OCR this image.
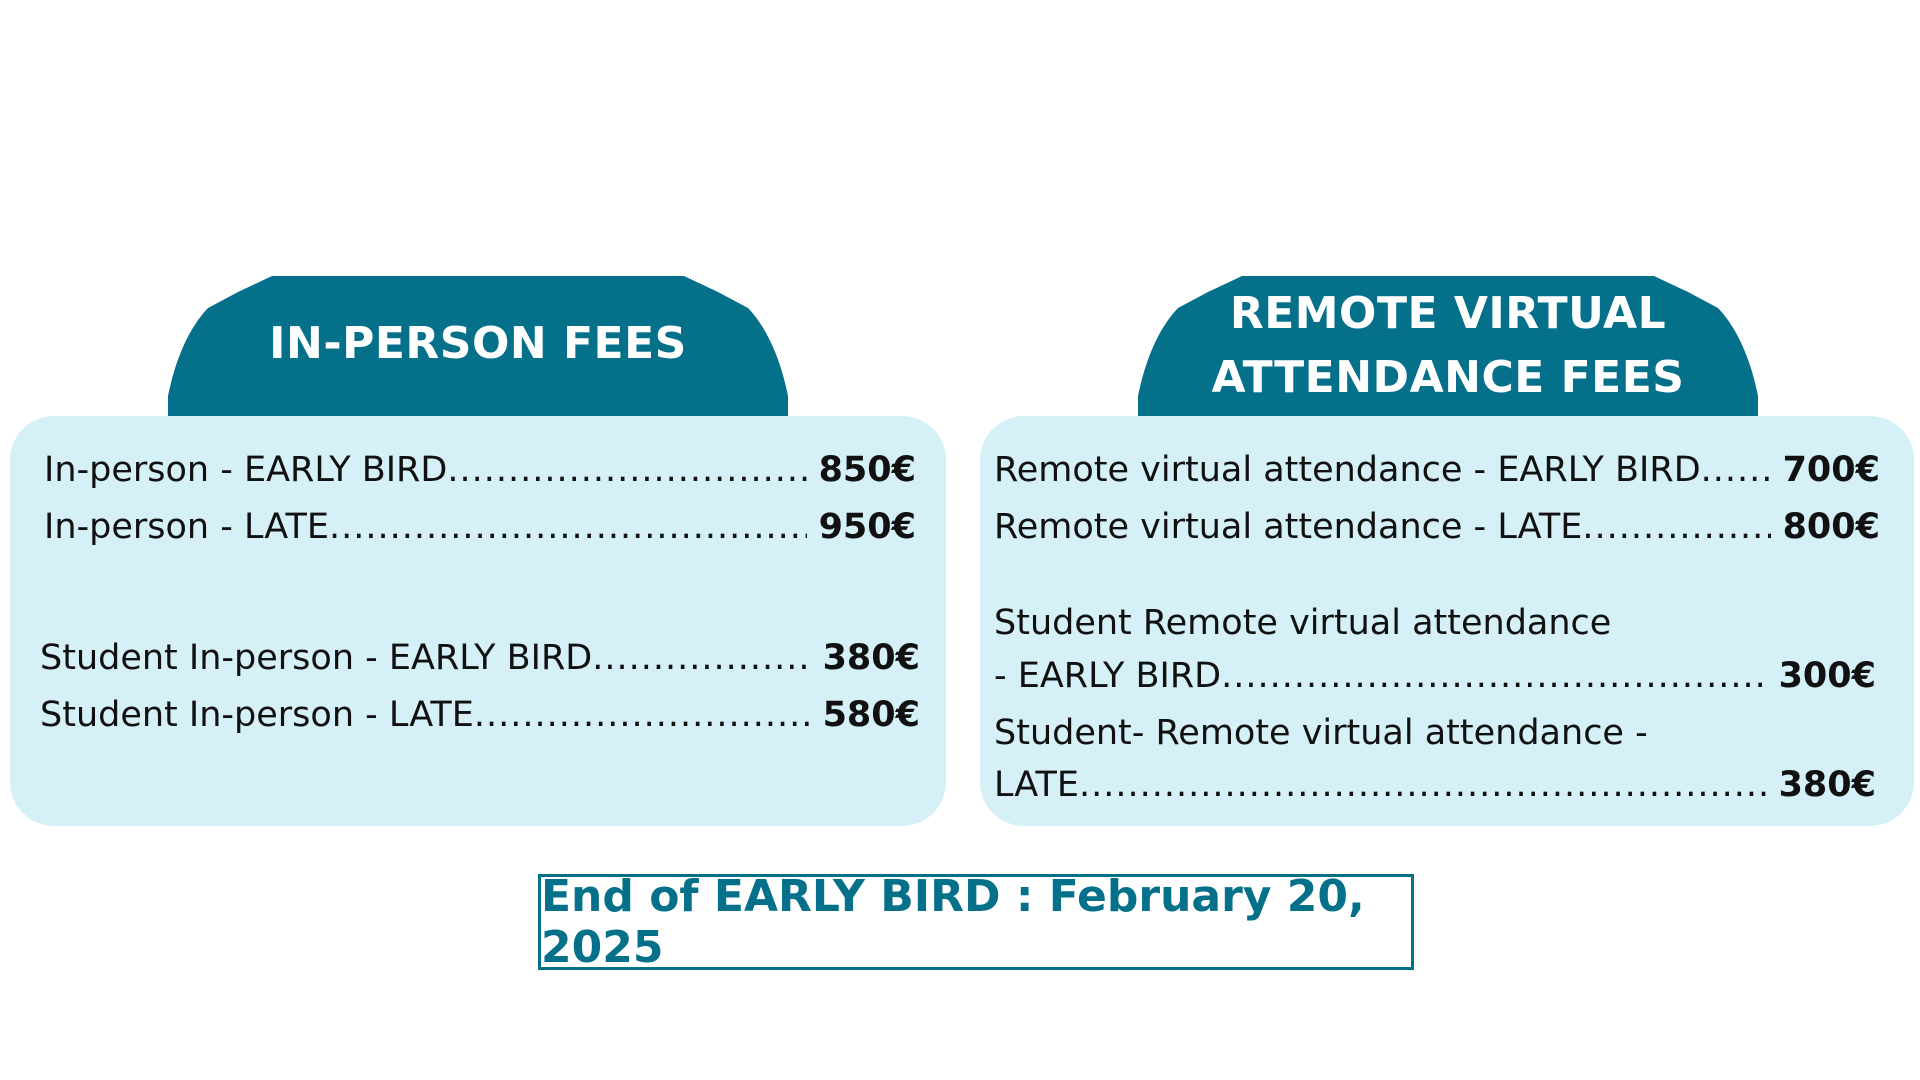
IN-PERSON FEES
REMOTE VIRTUAL
ATTENDANCE FEES
In-person - EARLY BIRD .....	850€
In-person - LATE .....	950€
Student In-person - EARLY BIRD .....	380€
Student In-person - LATE .....	580€
Remote virtual attendance - EARLY BIRD ..... 700€
Remote virtual attendance - LATE .....	800€
Student Remote virtual attendance
- EARLY BIRD .....	300€
Student- Remote virtual attendance -
LATE .....	380€
End of EARLY BIRD : February 20, 2025
